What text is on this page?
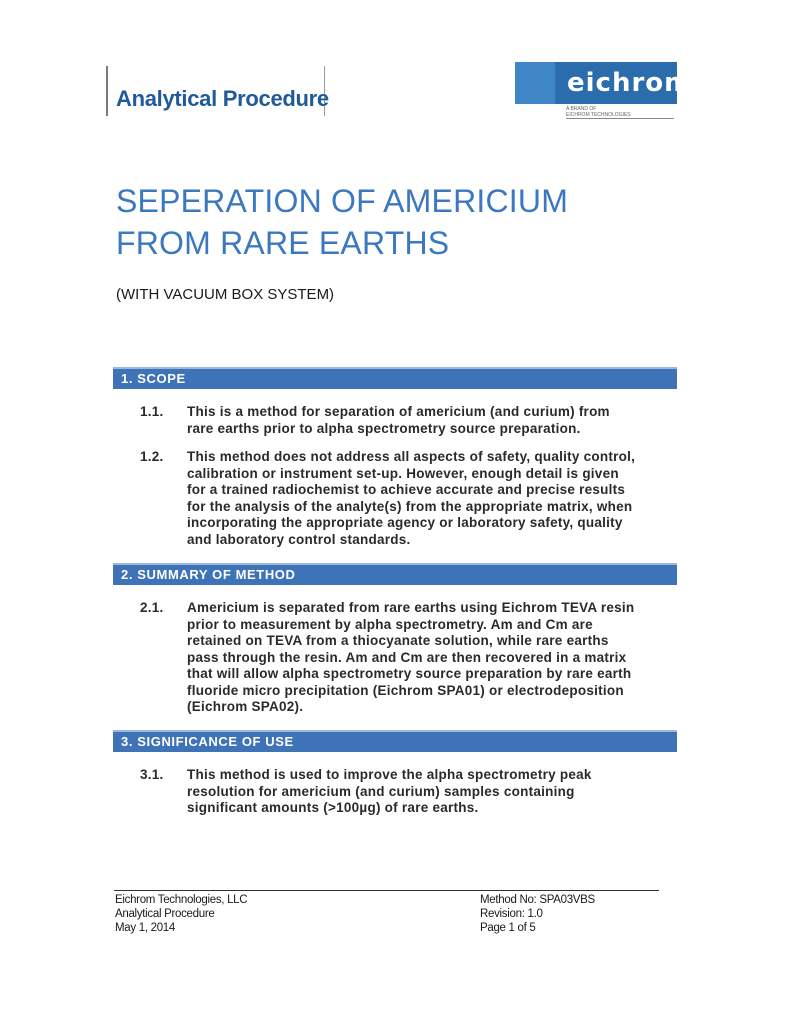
Analytical Procedure
eichrom®
A BRAND OF
EICHROM TECHNOLOGIES
SEPERATION OF AMERICIUM
FROM RARE EARTHS
(WITH VACUUM BOX SYSTEM)
1. SCOPE
1.1.	This is a method for separation of americium (and curium) from
rare earths prior to alpha spectrometry source preparation.
1.2.	This method does not address all aspects of safety, quality control,
calibration or instrument set-up. However, enough detail is given
for a trained radiochemist to achieve accurate and precise results
for the analysis of the analyte(s) from the appropriate matrix, when
incorporating the appropriate agency or laboratory safety, quality
and laboratory control standards.
2. SUMMARY OF METHOD
2.1.	Americium is separated from rare earths using Eichrom TEVA resin
prior to measurement by alpha spectrometry. Am and Cm are
retained on TEVA from a thiocyanate solution, while rare earths
pass through the resin. Am and Cm are then recovered in a matrix
that will allow alpha spectrometry source preparation by rare earth
fluoride micro precipitation (Eichrom SPA01) or electrodeposition
(Eichrom SPA02).
3. SIGNIFICANCE OF USE
3.1.	This method is used to improve the alpha spectrometry peak
resolution for americium (and curium) samples containing
significant amounts (>100µg) of rare earths.
Eichrom Technologies, LLC
Analytical Procedure
May 1, 2014
Method No: SPA03VBS
Revision: 1.0
Page 1 of 5
